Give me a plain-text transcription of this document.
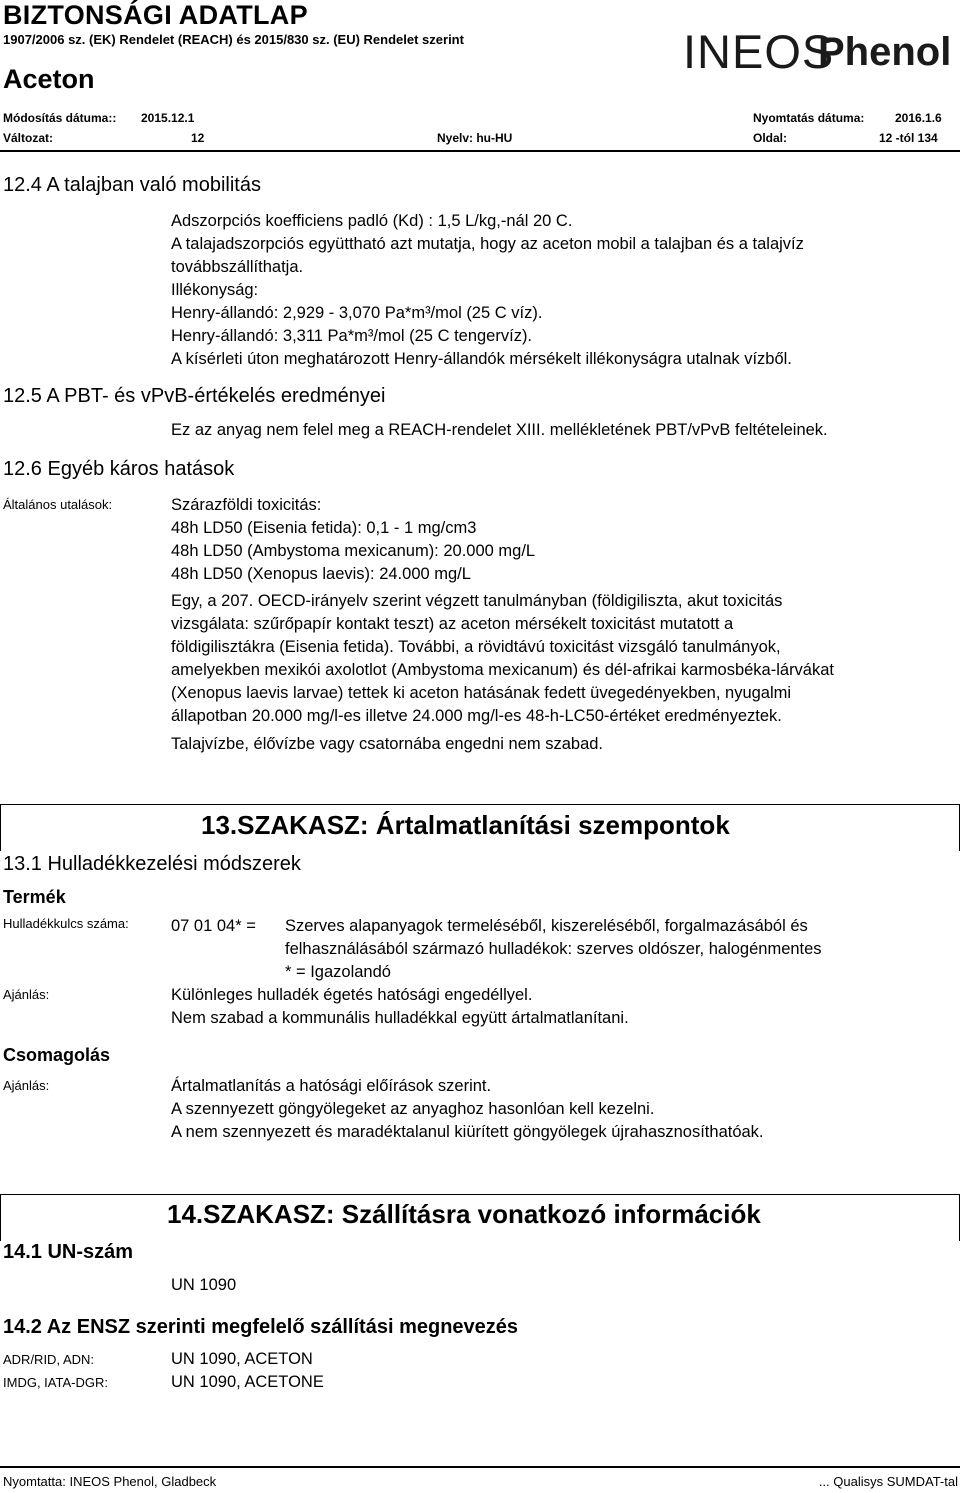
BIZTONSÁGI ADATLAP
1907/2006 sz. (EK) Rendelet (REACH) és 2015/830 sz. (EU) Rendelet szerint
Aceton
INEOS
Phenol
Módosítás dátuma:: 2015.12.1	Nyomtatás dátuma:	2016.1.6
Változat:	12	Nyelv: hu-HU	Oldal:	12 -tól 134
12.4 A talajban való mobilitás
Adszorpciós koefficiens padló (Kd) : 1,5 L/kg,-nál 20 C.
A talajadszorpciós együttható azt mutatja, hogy az aceton mobil a talajban és a talajvíz
továbbszállíthatja.
Illékonyság:
Henry-állandó: 2,929 - 3,070 Pa*m³/mol (25 C víz).
Henry-állandó: 3,311 Pa*m³/mol (25 C tengervíz).
A kísérleti úton meghatározott Henry-állandók mérsékelt illékonyságra utalnak vízből.
12.5 A PBT- és vPvB-értékelés eredményei
Ez az anyag nem felel meg a REACH-rendelet XIII. mellékletének PBT/vPvB feltételeinek.
12.6 Egyéb káros hatások
Általános utalások:	Szárazföldi toxicitás:
48h LD50 (Eisenia fetida): 0,1 - 1 mg/cm3
48h LD50 (Ambystoma mexicanum): 20.000 mg/L
48h LD50 (Xenopus laevis): 24.000 mg/L
Egy, a 207. OECD-irányelv szerint végzett tanulmányban (földigiliszta, akut toxicitás
vizsgálata: szűrőpapír kontakt teszt) az aceton mérsékelt toxicitást mutatott a
földigilisztákra (Eisenia fetida). További, a rövidtávú toxicitást vizsgáló tanulmányok,
amelyekben mexikói axolotlot (Ambystoma mexicanum) és dél-afrikai karmosbéka-lárvákat
(Xenopus laevis larvae) tettek ki aceton hatásának fedett üvegedényekben, nyugalmi
állapotban 20.000 mg/l-es illetve 24.000 mg/l-es 48-h-LC50-értéket eredményeztek.
Talajvízbe, élővízbe vagy csatornába engedni nem szabad.
13.SZAKASZ: Ártalmatlanítási szempontok
13.1 Hulladékkezelési módszerek
Termék
Hulladékkulcs száma:	07 01 04* = Szerves alapanyagok termeléséből, kiszereléséből, forgalmazásából és
felhasználásából származó hulladékok: szerves oldószer, halogénmentes
* = Igazolandó
Ajánlás:	Különleges hulladék égetés hatósági engedéllyel.
Nem szabad a kommunális hulladékkal együtt ártalmatlanítani.
Csomagolás
Ajánlás:	Ártalmatlanítás a hatósági előírások szerint.
A szennyezett göngyölegeket az anyaghoz hasonlóan kell kezelni.
A nem szennyezett és maradéktalanul kiürített göngyölegek újrahasznosíthatóak.
14.SZAKASZ: Szállításra vonatkozó információk
14.1 UN-szám
UN 1090
14.2 Az ENSZ szerinti megfelelő szállítási megnevezés
ADR/RID, ADN:	UN 1090, ACETON
IMDG, IATA-DGR:	UN 1090, ACETONE
Nyomtatta: INEOS Phenol, Gladbeck	... Qualisys SUMDAT-tal
